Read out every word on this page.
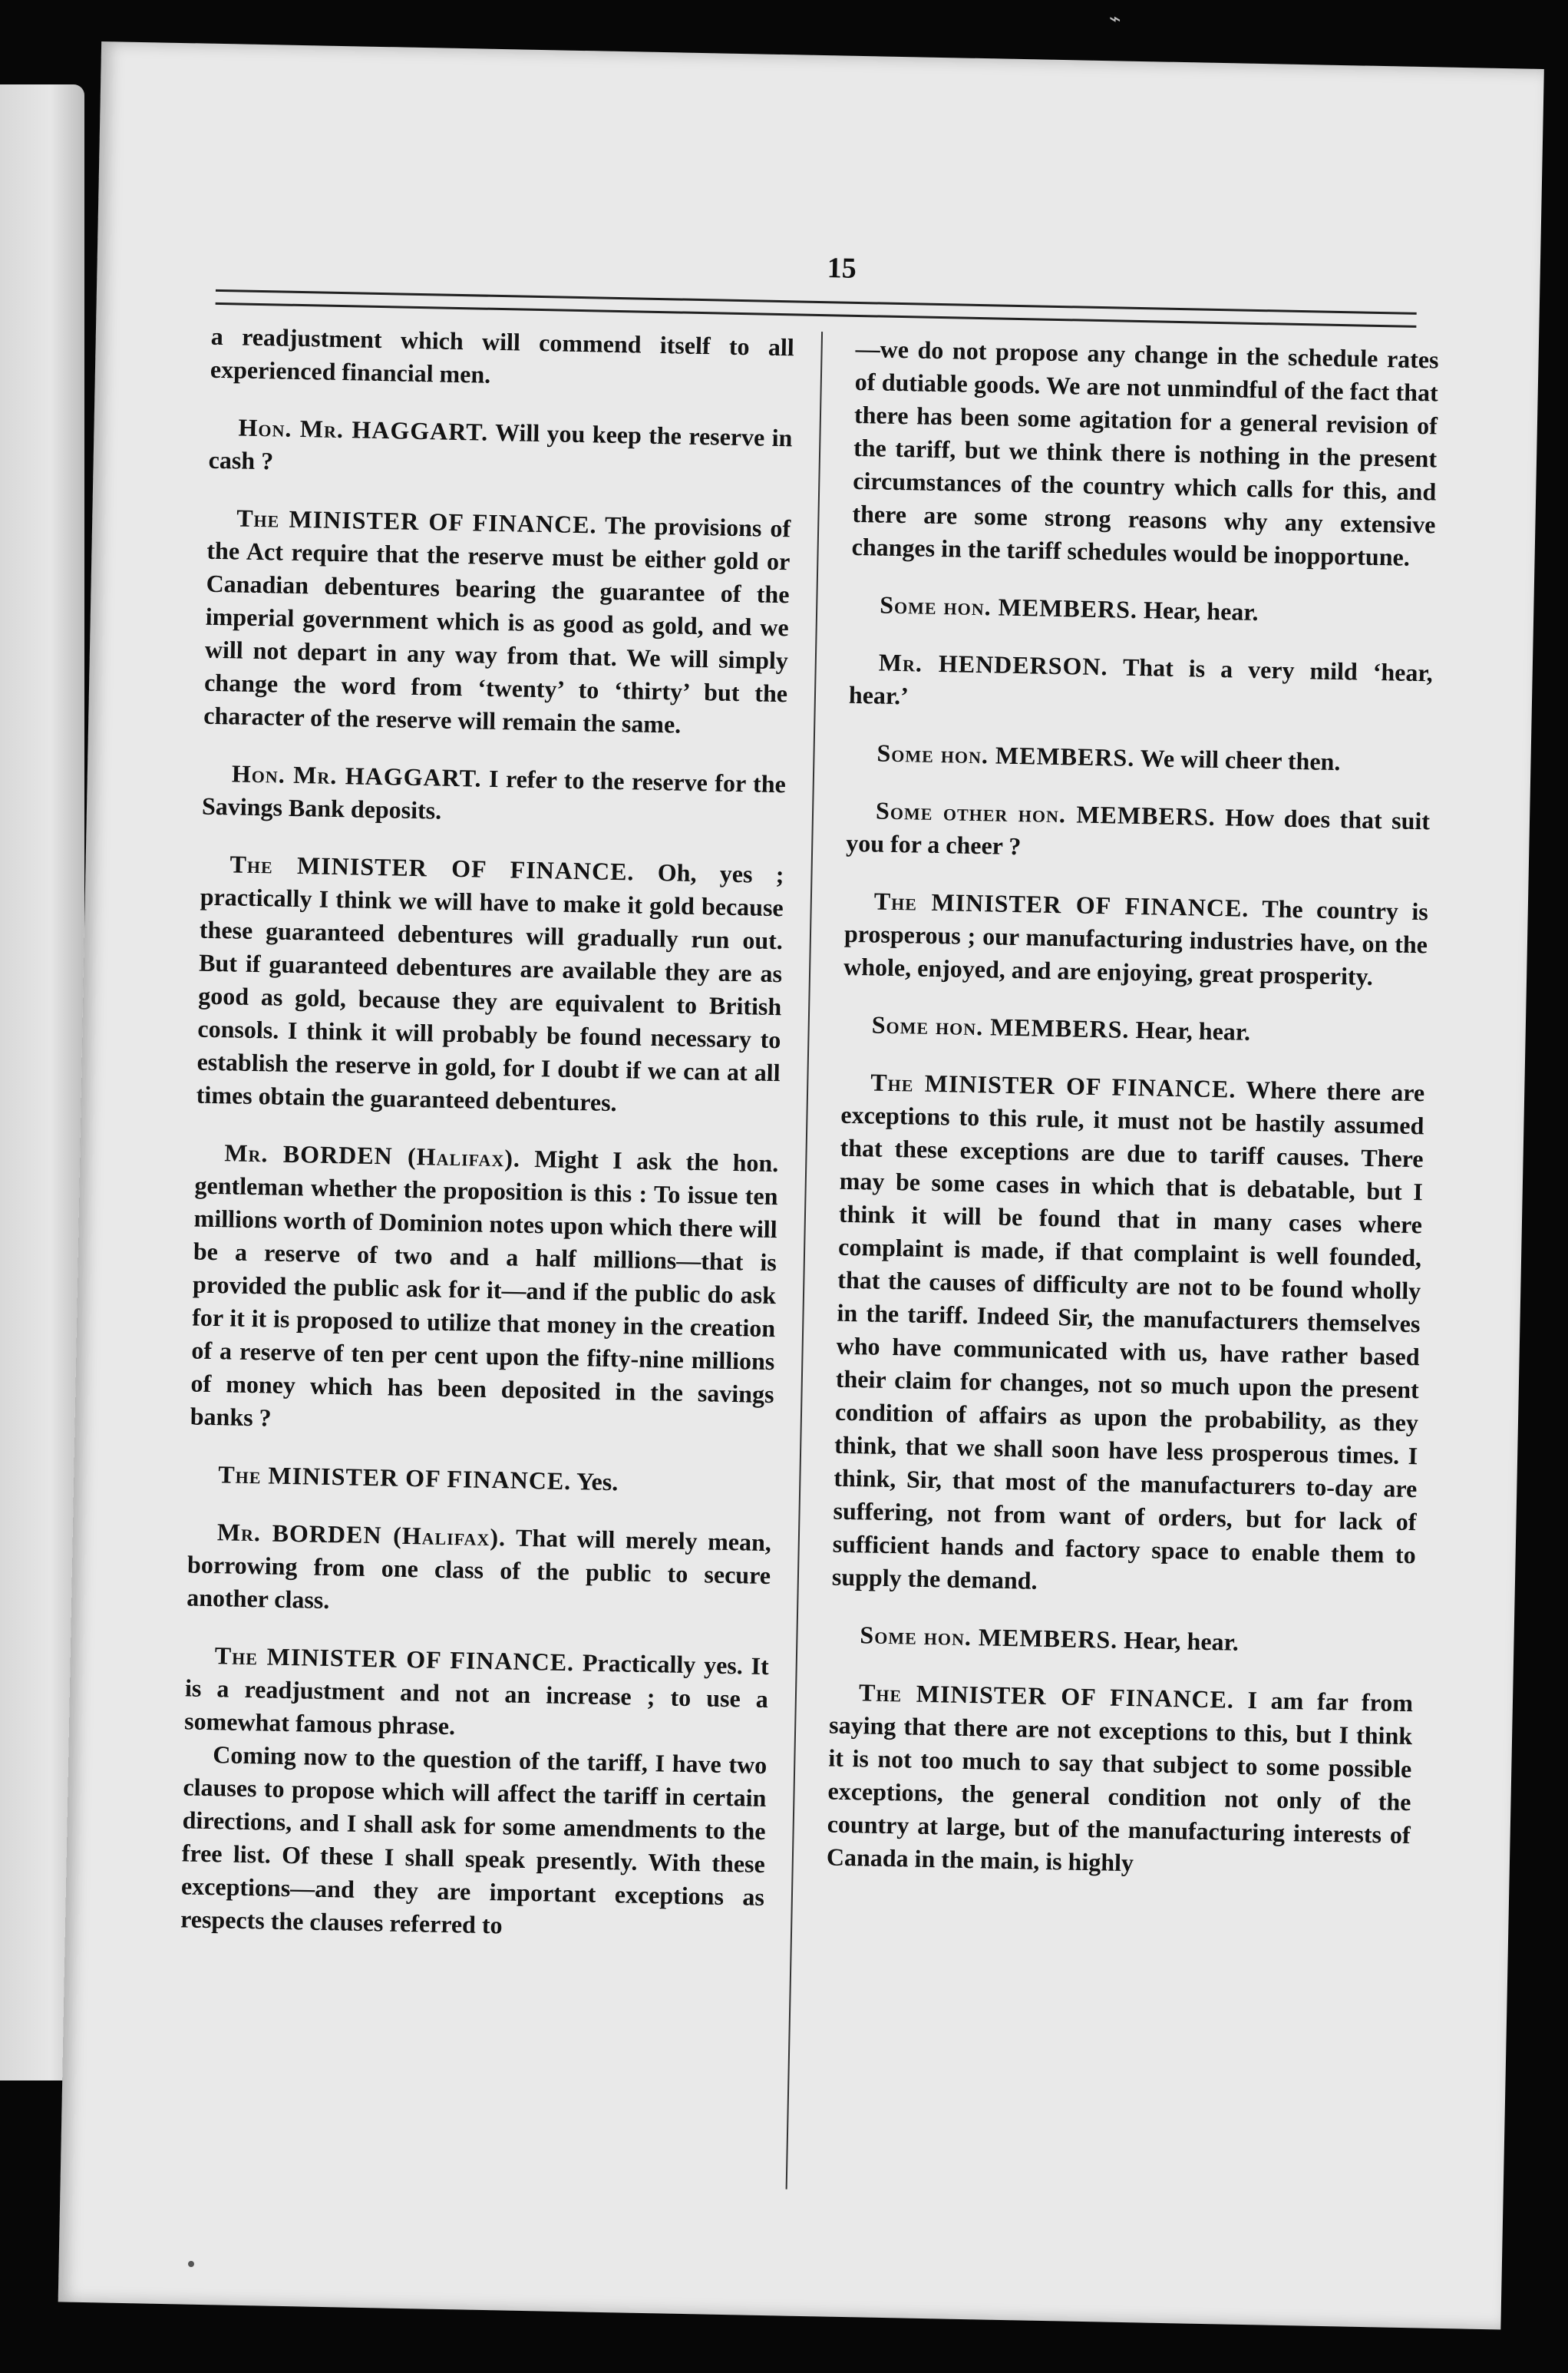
⌁
15

a readjustment which will commend itself to all experienced financial men.

Hon. Mr. HAGGART. Will you keep the reserve in cash ?

The MINISTER OF FINANCE. The provisions of the Act require that the reserve must be either gold or Canadian debentures bearing the guarantee of the imperial government which is as good as gold, and we will not depart in any way from that. We will simply change the word from ‘twenty’ to ‘thirty’ but the character of the reserve will remain the same.

Hon. Mr. HAGGART. I refer to the reserve for the Savings Bank deposits.

The MINISTER OF FINANCE. Oh, yes ; practically I think we will have to make it gold because these guaranteed debentures will gradually run out. But if guaranteed debentures are available they are as good as gold, because they are equivalent to British consols. I think it will probably be found necessary to establish the reserve in gold, for I doubt if we can at all times obtain the guaranteed debentures.

Mr. BORDEN (Halifax). Might I ask the hon. gentleman whether the proposition is this : To issue ten millions worth of Dominion notes upon which there will be a reserve of two and a half millions—that is provided the public ask for it—and if the public do ask for it it is proposed to utilize that money in the creation of a reserve of ten per cent upon the fifty-nine millions of money which has been deposited in the savings banks ?

The MINISTER OF FINANCE. Yes.

Mr. BORDEN (Halifax). That will merely mean, borrowing from one class of the public to secure another class.

The MINISTER OF FINANCE. Practically yes. It is a readjustment and not an increase ; to use a somewhat famous phrase.

Coming now to the question of the tariff, I have two clauses to propose which will affect the tariff in certain directions, and I shall ask for some amendments to the free list. Of these I shall speak presently. With these exceptions—and they are important exceptions as respects the clauses referred to

—we do not propose any change in the schedule rates of dutiable goods. We are not unmindful of the fact that there has been some agitation for a general revision of the tariff, but we think there is nothing in the present circumstances of the country which calls for this, and there are some strong reasons why any extensive changes in the tariff schedules would be inopportune.

Some hon. MEMBERS. Hear, hear.

Mr. HENDERSON. That is a very mild ‘hear, hear.’

Some hon. MEMBERS. We will cheer then.

Some other hon. MEMBERS. How does that suit you for a cheer ?

The MINISTER OF FINANCE. The country is prosperous ; our manufacturing industries have, on the whole, enjoyed, and are enjoying, great prosperity.

Some hon. MEMBERS. Hear, hear.

The MINISTER OF FINANCE. Where there are exceptions to this rule, it must not be hastily assumed that these exceptions are due to tariff causes. There may be some cases in which that is debatable, but I think it will be found that in many cases where complaint is made, if that complaint is well founded, that the causes of difficulty are not to be found wholly in the tariff. Indeed Sir, the manufacturers themselves who have communicated with us, have rather based their claim for changes, not so much upon the present condition of affairs as upon the probability, as they think, that we shall soon have less prosperous times. I think, Sir, that most of the manufacturers to-day are suffering, not from want of orders, but for lack of sufficient hands and factory space to enable them to supply the demand.

Some hon. MEMBERS. Hear, hear.

The MINISTER OF FINANCE. I am far from saying that there are not exceptions to this, but I think it is not too much to say that subject to some possible exceptions, the general condition not only of the country at large, but of the manufacturing interests of Canada in the main, is highly
